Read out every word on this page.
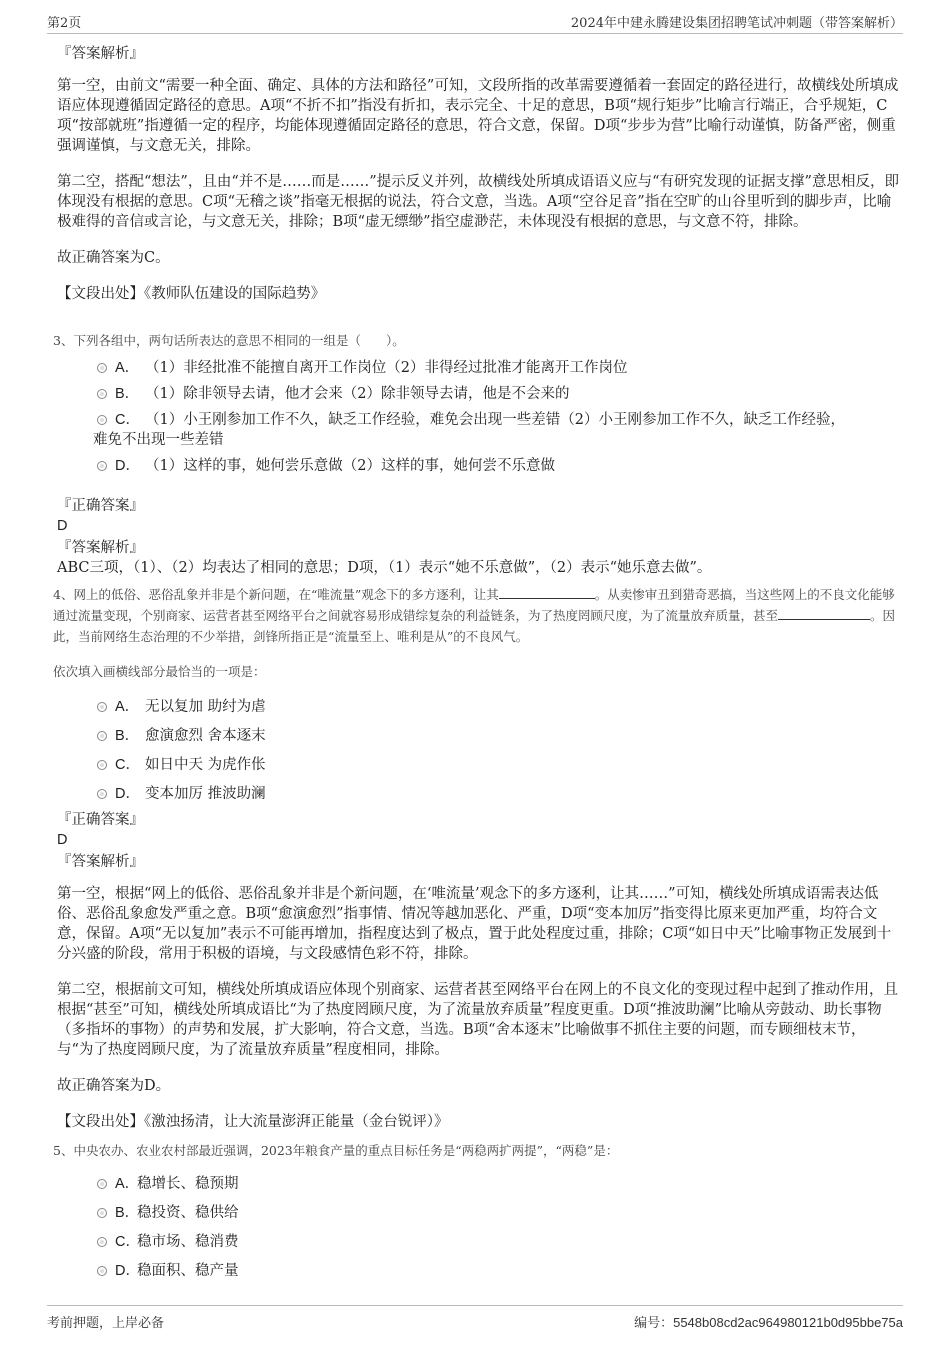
第2页	2024年中建永腾建设集团招聘笔试冲刺题（带答案解析）
『答案解析』
第一空，由前文“需要一种全面、确定、具体的方法和路径”可知，文段所指的改革需要遵循着一套固定的路径进行，故横线处所填成语应体现遵循固定路径的意思。A项“不折不扣”指没有折扣，表示完全、十足的意思，B项“规行矩步”比喻言行端正，合乎规矩，C项“按部就班”指遵循一定的程序，均能体现遵循固定路径的意思，符合文意，保留。D项“步步为营”比喻行动谨慎，防备严密，侧重强调谨慎，与文意无关，排除。
第二空，搭配“想法”，且由“并不是……而是……”提示反义并列，故横线处所填成语语义应与“有研究发现的证据支撑”意思相反，即体现没有根据的意思。C项“无稽之谈”指毫无根据的说法，符合文意，当选。A项“空谷足音”指在空旷的山谷里听到的脚步声，比喻极难得的音信或言论，与文意无关，排除；B项“虚无缥缈”指空虚渺茫，未体现没有根据的意思，与文意不符，排除。
故正确答案为C。
【文段出处】《教师队伍建设的国际趋势》
3、下列各组中，两句话所表达的意思不相同的一组是（　　）。
A． （1）非经批准不能擅自离开工作岗位（2）非得经过批准才能离开工作岗位
B． （1）除非领导去请，他才会来（2）除非领导去请，他是不会来的
C． （1）小王刚参加工作不久，缺乏工作经验，难免会出现一些差错（2）小王刚参加工作不久，缺乏工作经验，
难免不出现一些差错
D． （1）这样的事，她何尝乐意做（2）这样的事，她何尝不乐意做
『正确答案』
D
『答案解析』
ABC三项，（1）、（2）均表达了相同的意思；D项，（1）表示“她不乐意做”，（2）表示“她乐意去做”。
4、网上的低俗、恶俗乱象并非是个新问题，在“唯流量”观念下的多方逐利，让其	。从卖惨审丑到猎奇恶搞，当这些网上的不良文化能够通过流量变现，个别商家、运营者甚至网络平台之间就容易形成错综复杂的利益链条，为了热度罔顾尺度，为了流量放弃质量，甚至	。因此，当前网络生态治理的不少举措，剑锋所指正是“流量至上、唯利是从”的不良风气。
依次填入画横线部分最恰当的一项是：
A． 无以复加 助纣为虐
B． 愈演愈烈 舍本逐末
C． 如日中天 为虎作伥
D． 变本加厉 推波助澜
『正确答案』
D
『答案解析』
第一空，根据“网上的低俗、恶俗乱象并非是个新问题，在‘唯流量’观念下的多方逐利，让其……”可知，横线处所填成语需表达低俗、恶俗乱象愈发严重之意。B项“愈演愈烈”指事情、情况等越加恶化、严重，D项“变本加厉”指变得比原来更加严重，均符合文意，保留。A项“无以复加”表示不可能再增加，指程度达到了极点，置于此处程度过重，排除；C项“如日中天”比喻事物正发展到十分兴盛的阶段，常用于积极的语境，与文段感情色彩不符，排除。
第二空，根据前文可知，横线处所填成语应体现个别商家、运营者甚至网络平台在网上的不良文化的变现过程中起到了推动作用，且根据“甚至”可知，横线处所填成语比“为了热度罔顾尺度，为了流量放弃质量”程度更重。D项“推波助澜”比喻从旁鼓动、助长事物（多指坏的事物）的声势和发展，扩大影响，符合文意，当选。B项“舍本逐末”比喻做事不抓住主要的问题，而专顾细枝末节，与“为了热度罔顾尺度，为了流量放弃质量”程度相同，排除。
故正确答案为D。
【文段出处】《激浊扬清，让大流量澎湃正能量（金台锐评）》
5、中央农办、农业农村部最近强调，2023年粮食产量的重点目标任务是“两稳两扩两提”，“两稳”是：
A．稳增长、稳预期
B．稳投资、稳供给
C．稳市场、稳消费
D．稳面积、稳产量
考前押题，上岸必备	编号：5548b08cd2ac964980121b0d95bbe75a
